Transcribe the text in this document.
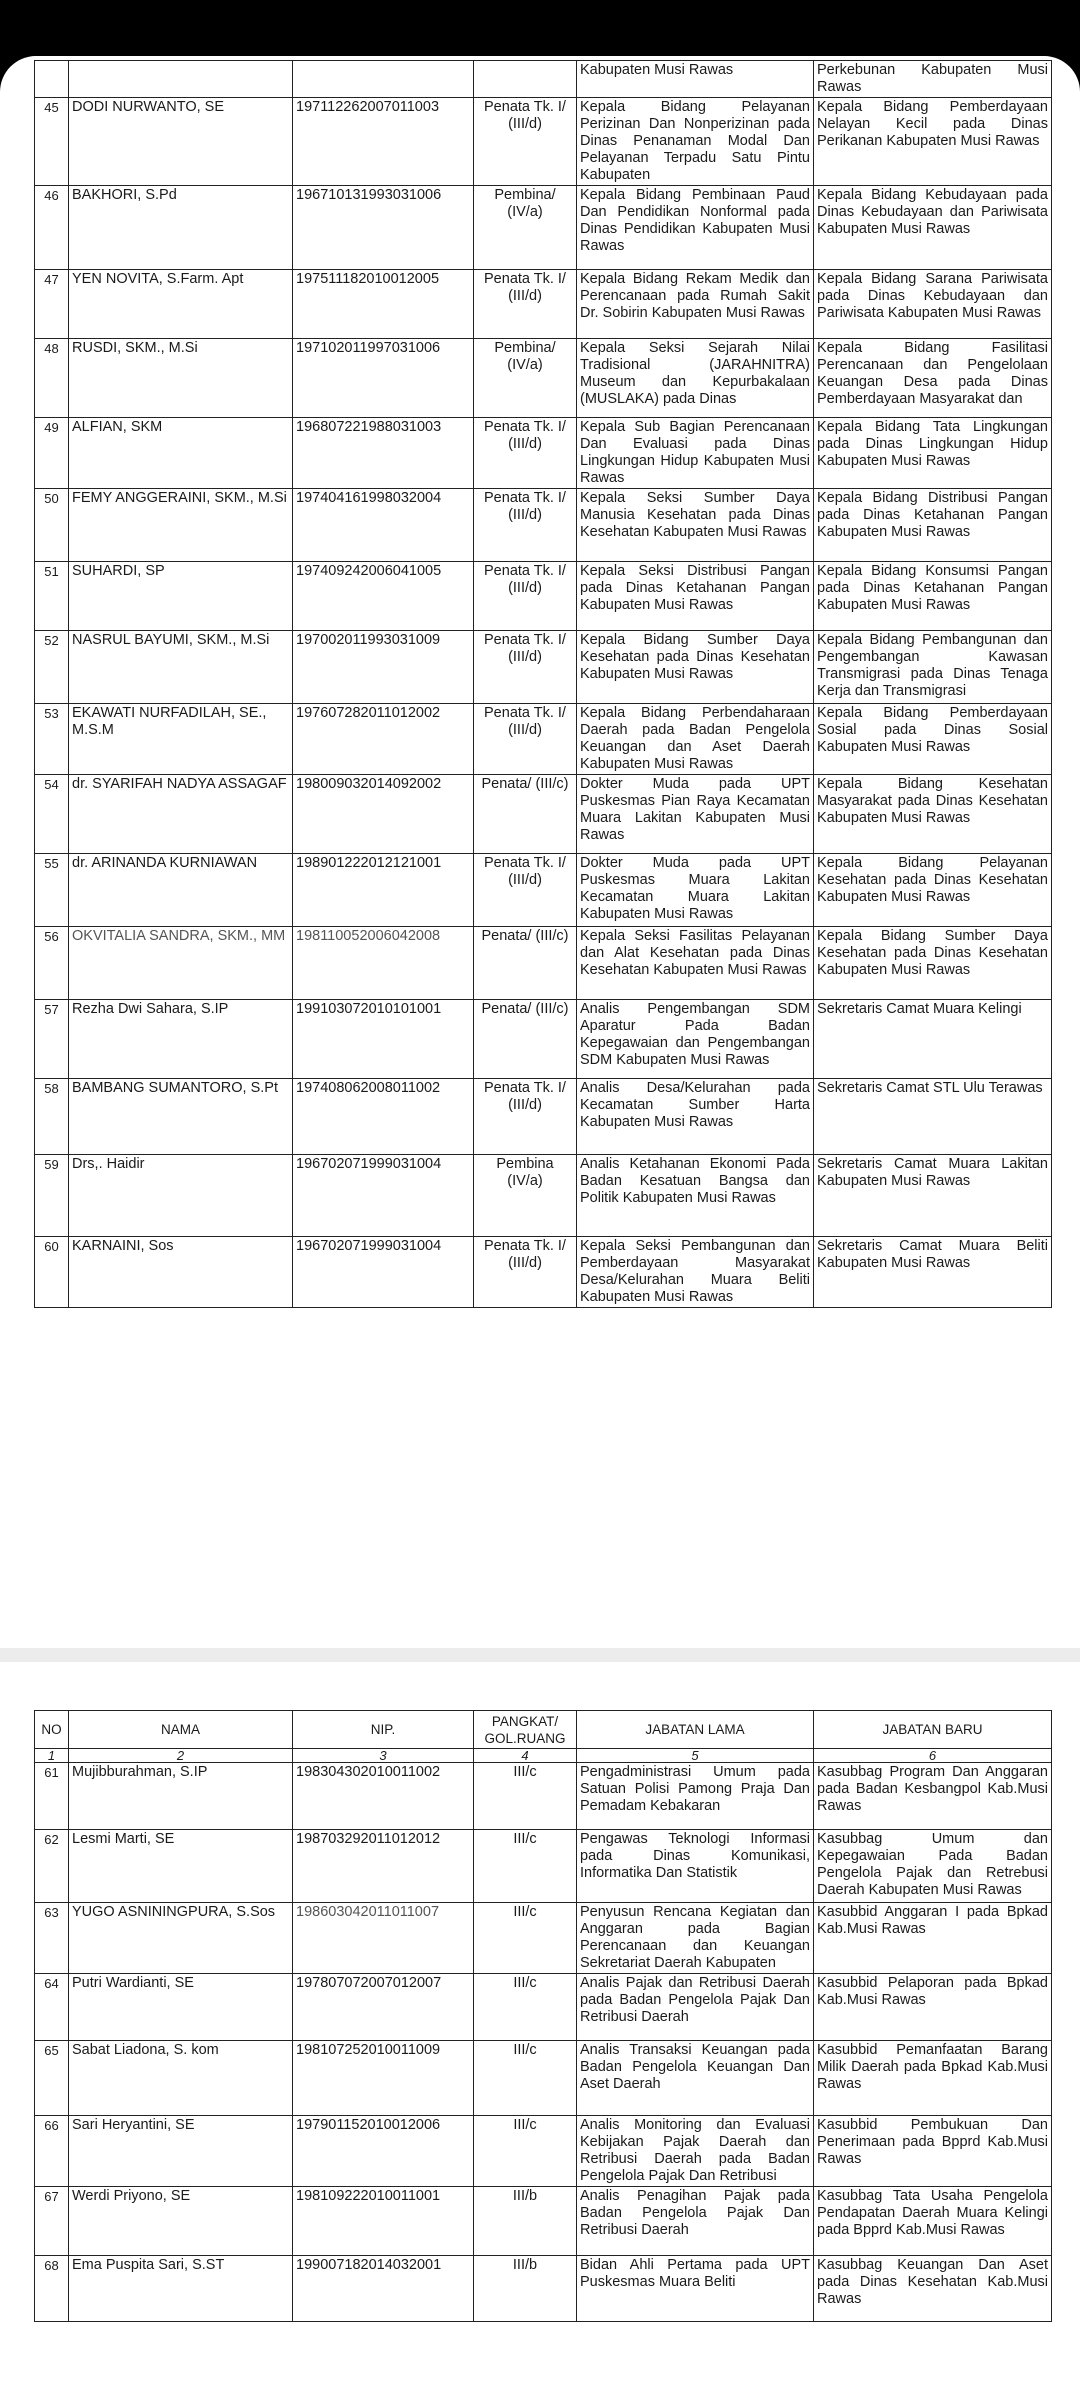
				Kabupaten Musi Rawas	Perkebunan Kabupaten Musi Rawas
45	DODI NURWANTO, SE	197112262007011003	Penata Tk. I/ (III/d)	Kepala Bidang Pelayanan Perizinan Dan Nonperizinan pada Dinas Penanaman Modal Dan Pelayanan Terpadu Satu Pintu Kabupaten	Kepala Bidang Pemberdayaan Nelayan Kecil pada Dinas Perikanan Kabupaten Musi Rawas
46	BAKHORI, S.Pd	196710131993031006	Pembina/ (IV/a)	Kepala Bidang Pembinaan Paud Dan Pendidikan Nonformal pada Dinas Pendidikan Kabupaten Musi Rawas	Kepala Bidang Kebudayaan pada Dinas Kebudayaan dan Pariwisata Kabupaten Musi Rawas
47	YEN NOVITA, S.Farm. Apt	197511182010012005	Penata Tk. I/ (III/d)	Kepala Bidang Rekam Medik dan Perencanaan pada Rumah Sakit Dr. Sobirin Kabupaten Musi Rawas	Kepala Bidang Sarana Pariwisata pada Dinas Kebudayaan dan Pariwisata Kabupaten Musi Rawas
48	RUSDI, SKM., M.Si	197102011997031006	Pembina/ (IV/a)	Kepala Seksi Sejarah Nilai Tradisional (JARAHNITRA) Museum dan Kepurbakalaan (MUSLAKA) pada Dinas	Kepala Bidang Fasilitasi Perencanaan dan Pengelolaan Keuangan Desa pada Dinas Pemberdayaan Masyarakat dan
49	ALFIAN, SKM	196807221988031003	Penata Tk. I/ (III/d)	Kepala Sub Bagian Perencanaan Dan Evaluasi pada Dinas Lingkungan Hidup Kabupaten Musi Rawas	Kepala Bidang Tata Lingkungan pada Dinas Lingkungan Hidup Kabupaten Musi Rawas
50	FEMY ANGGERAINI, SKM., M.Si	197404161998032004	Penata Tk. I/ (III/d)	Kepala Seksi Sumber Daya Manusia Kesehatan pada Dinas Kesehatan Kabupaten Musi Rawas	Kepala Bidang Distribusi Pangan pada Dinas Ketahanan Pangan Kabupaten Musi Rawas
51	SUHARDI, SP	197409242006041005	Penata Tk. I/ (III/d)	Kepala Seksi Distribusi Pangan pada Dinas Ketahanan Pangan Kabupaten Musi Rawas	Kepala Bidang Konsumsi Pangan pada Dinas Ketahanan Pangan Kabupaten Musi Rawas
52	NASRUL BAYUMI, SKM., M.Si	197002011993031009	Penata Tk. I/ (III/d)	Kepala Bidang Sumber Daya Kesehatan pada Dinas Kesehatan Kabupaten Musi Rawas	Kepala Bidang Pembangunan dan Pengembangan Kawasan Transmigrasi pada Dinas Tenaga Kerja dan Transmigrasi
53	EKAWATI NURFADILAH, SE., M.S.M	197607282011012002	Penata Tk. I/ (III/d)	Kepala Bidang Perbendaharaan Daerah pada Badan Pengelola Keuangan dan Aset Daerah Kabupaten Musi Rawas	Kepala Bidang Pemberdayaan Sosial pada Dinas Sosial Kabupaten Musi Rawas
54	dr. SYARIFAH NADYA ASSAGAF	198009032014092002	Penata/ (III/c)	Dokter Muda pada UPT Puskesmas Pian Raya Kecamatan Muara Lakitan Kabupaten Musi Rawas	Kepala Bidang Kesehatan Masyarakat pada Dinas Kesehatan Kabupaten Musi Rawas
55	dr. ARINANDA KURNIAWAN	198901222012121001	Penata Tk. I/ (III/d)	Dokter Muda pada UPT Puskesmas Muara Lakitan Kecamatan Muara Lakitan Kabupaten Musi Rawas	Kepala Bidang Pelayanan Kesehatan pada Dinas Kesehatan Kabupaten Musi Rawas
56	OKVITALIA SANDRA, SKM., MM	198110052006042008	Penata/ (III/c)	Kepala Seksi Fasilitas Pelayanan dan Alat Kesehatan pada Dinas Kesehatan Kabupaten Musi Rawas	Kepala Bidang Sumber Daya Kesehatan pada Dinas Kesehatan Kabupaten Musi Rawas
57	Rezha Dwi Sahara, S.IP	199103072010101001	Penata/ (III/c)	Analis Pengembangan SDM Aparatur Pada Badan Kepegawaian dan Pengembangan SDM Kabupaten Musi Rawas	Sekretaris Camat Muara Kelingi
58	BAMBANG SUMANTORO, S.Pt	197408062008011002	Penata Tk. I/ (III/d)	Analis Desa/Kelurahan pada Kecamatan Sumber Harta Kabupaten Musi Rawas	Sekretaris Camat STL Ulu Terawas
59	Drs,. Haidir	196702071999031004	Pembina (IV/a)	Analis Ketahanan Ekonomi Pada Badan Kesatuan Bangsa dan Politik Kabupaten Musi Rawas	Sekretaris Camat Muara Lakitan Kabupaten Musi Rawas
60	KARNAINI, Sos	196702071999031004	Penata Tk. I/ (III/d)	Kepala Seksi Pembangunan dan Pemberdayaan Masyarakat Desa/Kelurahan Muara Beliti Kabupaten Musi Rawas	Sekretaris Camat Muara Beliti Kabupaten Musi Rawas
NO	NAMA	NIP.	PANGKAT/ GOL.RUANG	JABATAN LAMA	JABATAN BARU
1	2	3	4	5	6
61	Mujibburahman, S.IP	198304302010011002	III/c	Pengadministrasi Umum pada Satuan Polisi Pamong Praja Dan Pemadam Kebakaran	Kasubbag Program Dan Anggaran pada Badan Kesbangpol Kab.Musi Rawas
62	Lesmi Marti, SE	198703292011012012	III/c	Pengawas Teknologi Informasi pada Dinas Komunikasi, Informatika Dan Statistik	Kasubbag Umum dan Kepegawaian Pada Badan Pengelola Pajak dan Retrebusi Daerah Kabupaten Musi Rawas
63	YUGO ASNININGPURA, S.Sos	198603042011011007	III/c	Penyusun Rencana Kegiatan dan Anggaran pada Bagian Perencanaan dan Keuangan Sekretariat Daerah Kabupaten	Kasubbid Anggaran I pada Bpkad Kab.Musi Rawas
64	Putri Wardianti, SE	197807072007012007	III/c	Analis Pajak dan Retribusi Daerah pada Badan Pengelola Pajak Dan Retribusi Daerah	Kasubbid Pelaporan pada Bpkad Kab.Musi Rawas
65	Sabat Liadona, S. kom	198107252010011009	III/c	Analis Transaksi Keuangan pada Badan Pengelola Keuangan Dan Aset Daerah	Kasubbid Pemanfaatan Barang Milik Daerah pada Bpkad Kab.Musi Rawas
66	Sari Heryantini, SE	197901152010012006	III/c	Analis Monitoring dan Evaluasi Kebijakan Pajak Daerah dan Retribusi Daerah pada Badan Pengelola Pajak Dan Retribusi	Kasubbid Pembukuan Dan Penerimaan pada Bpprd Kab.Musi Rawas
67	Werdi Priyono, SE	198109222010011001	III/b	Analis Penagihan Pajak pada Badan Pengelola Pajak Dan Retribusi Daerah	Kasubbag Tata Usaha Pengelola Pendapatan Daerah Muara Kelingi pada Bpprd Kab.Musi Rawas
68	Ema Puspita Sari, S.ST	199007182014032001	III/b	Bidan Ahli Pertama pada UPT Puskesmas Muara Beliti	Kasubbag Keuangan Dan Aset pada Dinas Kesehatan Kab.Musi Rawas
